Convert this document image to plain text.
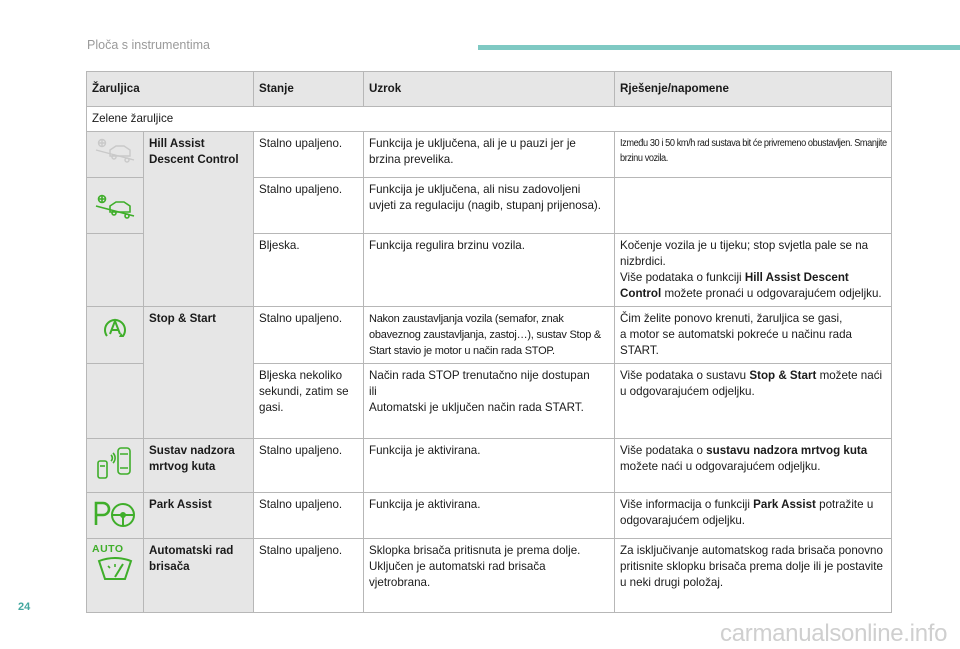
Ploča s instrumentima
Žaruljica		Stanje	Uzrok	Rješenje/napomene
Zelene žaruljice				

	Hill Assist Descent Control	Stalno upaljeno.	Funkcija je uključena, ali je u pauzi jer je brzina prevelika.	Između 30 i 50 km/h rad sustava bit će privremeno obustavljen. Smanjite brzinu vozila.

	Stalno upaljeno.	Funkcija je uključena, ali nisu zadovoljeni uvjeti za regulaciju (nagib, stupanj prijenosa).	
		Bljeska.	Funkcija regulira brzinu vozila.	Kočenje vozila je u tijeku; stop svjetla pale se na nizbrdici.
Više podataka o funkciji Hill Assist Descent Control možete pronaći u odgovarajućem odjeljku.

	Stop & Start	Stalno upaljeno.	Nakon zaustavljanja vozila (semafor, znak obaveznog zaustavljanja, zastoj…), sustav Stop & Start stavio je motor u način rada STOP.	Čim želite ponovo krenuti, žaruljica se gasi,
a motor se automatski pokreće u načinu rada START.
		Bljeska nekoliko sekundi, zatim se gasi.	Način rada STOP trenutačno nije dostupan
ili
Automatski je uključen način rada START.	Više podataka o sustavu Stop & Start možete naći u odgovarajućem odjeljku.

	Sustav nadzora mrtvog kuta	Stalno upaljeno.	Funkcija je aktivirana.	Više podataka o sustavu nadzora mrtvog kuta možete naći u odgovarajućem odjeljku.

	Park Assist	Stalno upaljeno.	Funkcija je aktivirana.	Više informacija o funkciji Park Assist potražite u odgovarajućem odjeljku.

AUTO	Automatski rad brisača	Stalno upaljeno.	Sklopka brisača pritisnuta je prema dolje. Uključen je automatski rad brisača vjetrobrana.	Za isključivanje automatskog rada brisača ponovno pritisnite sklopku brisača prema dolje ili je postavite u neki drugi položaj.
24
carmanualsonline.info
